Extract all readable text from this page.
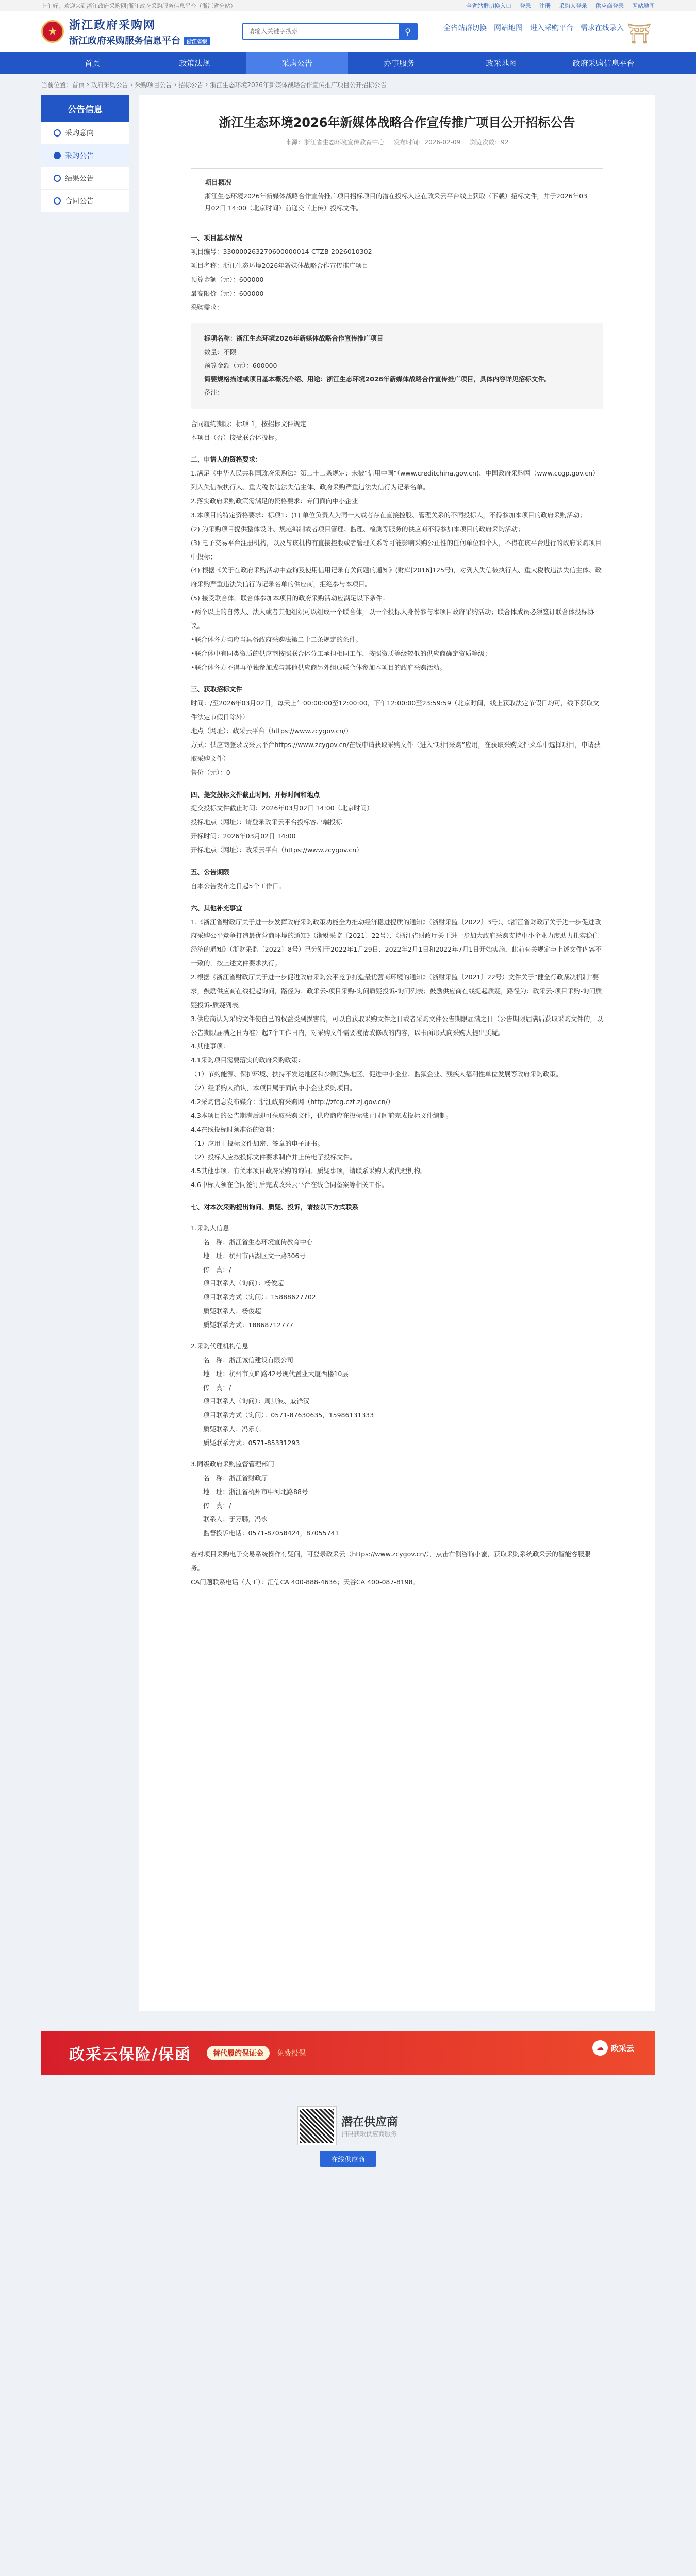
上午好，欢迎来到浙江政府采购网|浙江政府采购服务信息平台（浙江省分站）	全省站群切换入口 登录 注册 采购人登录 供应商登录 网站地图
★	浙江政府采购网
浙江政府采购服务信息平台 浙江省级
请输入关键字搜索
⚲	全省站群切换 网站地图 进入采购平台 需求在线录入 ⛩
首页	政策法规	采购公告	办事服务	政采地图	政府采购信息平台
当前位置：首页 › 政府采购公告 › 采购项目公告 › 招标公告 › 浙江生态环境2026年新媒体战略合作宣传推广项目公开招标公告
公告信息
采购意向
采购公告
结果公告
合同公告
浙江生态环境2026年新媒体战略合作宣传推广项目公开招标公告
来源：浙江省生态环境宣传教育中心 发布时间：2026-02-09 浏览次数：92
项目概况

浙江生态环境2026年新媒体战略合作宣传推广项目招标项目的潜在投标人应在政采云平台线上获取（下载）招标文件，并于2026年03月02日 14:00（北京时间）前递交（上传）投标文件。

一、项目基本情况
项目编号：330000263270600000014-CTZB-2026010302
项目名称：浙江生态环境2026年新媒体战略合作宣传推广项目
预算金额（元）：600000
最高限价（元）：600000
采购需求：
标项名称：浙江生态环境2026年新媒体战略合作宣传推广项目
数量：不限
预算金额（元）：600000
简要规格描述或项目基本概况介绍、用途：浙江生态环境2026年新媒体战略合作宣传推广项目，具体内容详见招标文件。
备注：
合同履约期限：标项 1，按招标文件规定
本项目（否）接受联合体投标。
二、申请人的资格要求：
1.满足《中华人民共和国政府采购法》第二十二条规定；未被“信用中国”（www.creditchina.gov.cn)、中国政府采购网（www.ccgp.gov.cn）列入失信被执行人、重大税收违法失信主体、政府采购严重违法失信行为记录名单。
2.落实政府采购政策需满足的资格要求：专门面向中小企业
3.本项目的特定资格要求：标项1：(1) 单位负责人为同一人或者存在直接控股、管理关系的不同投标人，不得参加本项目的政府采购活动；
(2) 为采购项目提供整体设计、规范编制或者项目管理、监理、检测等服务的供应商不得参加本项目的政府采购活动；
(3) 电子交易平台注册机构，以及与该机构有直接控股或者管理关系等可能影响采购公正性的任何单位和个人，不得在该平台进行的政府采购项目中投标；
(4) 根据《关于在政府采购活动中查询及使用信用记录有关问题的通知》(财库[2016]125号)，对列入失信被执行人、重大税收违法失信主体、政府采购严重违法失信行为记录名单的供应商，拒绝参与本项目。
(5) 接受联合体。联合体参加本项目的政府采购活动应满足以下条件：
•两个以上的自然人、法人或者其他组织可以组成一个联合体，以一个投标人身份参与本项目政府采购活动；联合体成员必须签订联合体投标协议。
•联合体各方均应当具备政府采购法第二十二条规定的条件。
•联合体中有同类资质的供应商按照联合体分工承担相同工作，按照资质等级较低的供应商确定资质等级；
•联合体各方不得再单独参加或与其他供应商另外组成联合体参加本项目的政府采购活动。
三、获取招标文件
时间：/至2026年03月02日，每天上午00:00:00至12:00:00，下午12:00:00至23:59:59（北京时间，线上获取法定节假日均可，线下获取文件法定节假日除外）
地点（网址）：政采云平台（https://www.zcygov.cn/）
方式：供应商登录政采云平台https://www.zcygov.cn/在线申请获取采购文件（进入“项目采购”应用，在获取采购文件菜单中选择项目，申请获取采购文件）
售价（元）：0
四、提交投标文件截止时间、开标时间和地点
提交投标文件截止时间：2026年03月02日 14:00（北京时间）
投标地点（网址）：请登录政采云平台投标客户端投标
开标时间：2026年03月02日 14:00
开标地点（网址）：政采云平台（https://www.zcygov.cn）
五、公告期限
自本公告发布之日起5个工作日。
六、其他补充事宜
1.《浙江省财政厅关于进一步发挥政府采购政策功能全力推动经济稳进提质的通知》（浙财采监〔2022〕3号）、《浙江省财政厅关于进一步促进政府采购公平竞争打造最优营商环境的通知》（浙财采监〔2021〕22号）、《浙江省财政厅关于进一步加大政府采购支持中小企业力度助力扎实稳住经济的通知》（浙财采监〔2022〕8号）已分别于2022年1月29日、2022年2月1日和2022年7月1日开始实施，此前有关规定与上述文件内容不一致的，按上述文件要求执行。
2.根据《浙江省财政厅关于进一步促进政府采购公平竞争打造最优营商环境的通知》（浙财采监〔2021〕22号）文件关于“健全行政裁决机制”要求，鼓励供应商在线提起询问，路径为：政采云-项目采购-询问质疑投诉-询问列表；鼓励供应商在线提起质疑，路径为：政采云-项目采购-询问质疑投诉-质疑列表。
3.供应商认为采购文件使自己的权益受到损害的，可以自获取采购文件之日或者采购文件公告期限届满之日（公告期限届满后获取采购文件的，以公告期限届满之日为准）起7个工作日内，对采购文件需要澄清或修改的内容，以书面形式向采购人提出质疑。
4.其他事项：
4.1采购项目需要落实的政府采购政策：
（1）节约能源、保护环境、扶持不发达地区和少数民族地区、促进中小企业、监狱企业、残疾人福利性单位发展等政府采购政策。
（2）经采购人确认，本项目属于面向中小企业采购项目。
4.2采购信息发布媒介：浙江政府采购网（http://zfcg.czt.zj.gov.cn/）
4.3本项目的公告期满后即可获取采购文件，供应商应在投标截止时间前完成投标文件编制。
4.4在线投标时须准备的资料：
（1）应用于投标文件加密、签章的电子证书。
（2）投标人应按投标文件要求制作并上传电子投标文件。
4.5其他事项：有关本项目政府采购的询问、质疑事项，请联系采购人或代理机构。
4.6中标人须在合同签订后完成政采云平台在线合同备案等相关工作。
七、对本次采购提出询问、质疑、投诉，请按以下方式联系
1.采购人信息
名　称：浙江省生态环境宣传教育中心
地　址：杭州市西湖区文一路306号
传　真：/
项目联系人（询问）：杨俊超
项目联系方式（询问）：15888627702
质疑联系人：杨俊超
质疑联系方式：18868712777
2.采购代理机构信息
名　称：浙江诚信建设有限公司
地　址：杭州市文晖路42号现代置业大厦西楼10层
传　真：/
项目联系人（询问）：周其波、戚锋汉
项目联系方式（询问）：0571-87630635，15986131333
质疑联系人：冯乐东
质疑联系方式：0571-85331293
3.同级政府采购监督管理部门
名　称：浙江省财政厅
地　址：浙江省杭州市中河北路88号
传　真：/
联系人：于万鹏，冯永
监督投诉电话：0571-87058424，87055741
若对项目采购电子交易系统操作有疑问，可登录政采云（https://www.zcygov.cn/），点击右侧咨询小蜜，获取采购系统政采云的智能客服服务。
CA问题联系电话（人工）：汇信CA 400-888-4636；天谷CA 400-087-8198。
政采云保险/保函	替代履约保证金	免费投保
☁ 政采云
潜在供应商
扫码获取供应商服务
在线供应商
